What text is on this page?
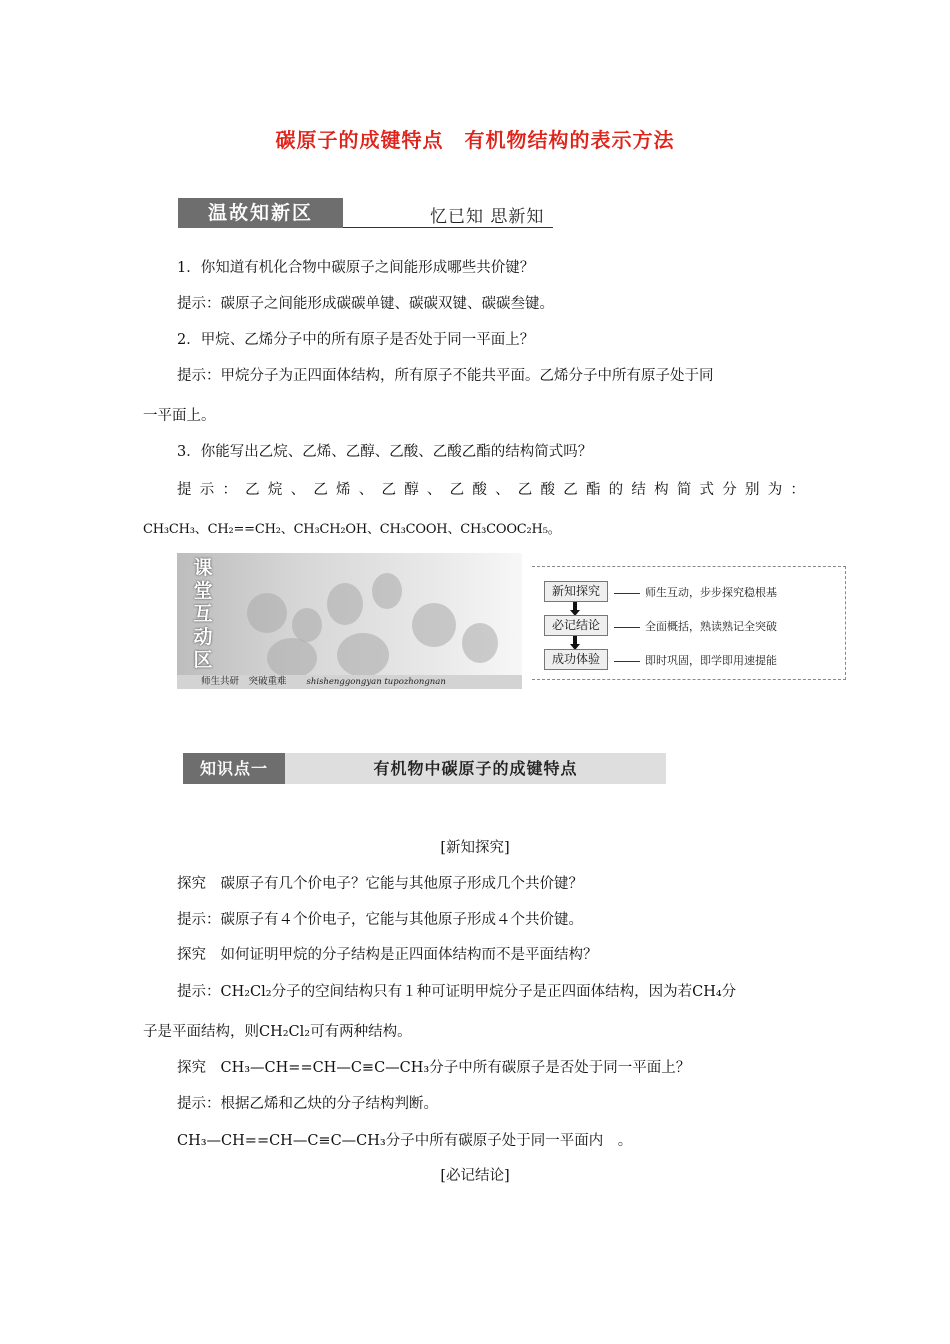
碳原子的成键特点　有机物结构的表示方法
温故知新区	忆已知 思新知
1．你知道有机化合物中碳原子之间能形成哪些共价键？
提示：碳原子之间能形成碳碳单键、碳碳双键、碳碳叁键。
2．甲烷、乙烯分子中的所有原子是否处于同一平面上？
提示：甲烷分子为正四面体结构，所有原子不能共平面。乙烯分子中所有原子处于同
一平面上。
3．你能写出乙烷、乙烯、乙醇、乙酸、乙酸乙酯的结构简式吗？
提 示 ： 乙 烷 、 乙 烯 、 乙 醇 、 乙 酸 、 乙 酸 乙 酯 的 结 构 简 式 分 别 为 ：
CH₃CH₃、CH₂==CH₂、CH₃CH₂OH、CH₃COOH、CH₃COOC₂H₅。
课
堂
互
动
区
师生共研　突破重难 shishenggongyan tupozhongnan
新知探究
必记结论
成功体验
师生互动，步步探究稳根基
全面概括，熟读熟记全突破
即时巩固，即学即用速提能
知识点一	有机物中碳原子的成键特点
[新知探究]
探究　碳原子有几个价电子？它能与其他原子形成几个共价键？
提示：碳原子有４个价电子，它能与其他原子形成４个共价键。
探究　如何证明甲烷的分子结构是正四面体结构而不是平面结构？
提示：CH₂Cl₂分子的空间结构只有１种可证明甲烷分子是正四面体结构，因为若CH₄分
子是平面结构，则CH₂Cl₂可有两种结构。
探究　CH₃—CH==CH—C≡C—CH₃分子中所有碳原子是否处于同一平面上？
提示：根据乙烯和乙炔的分子结构判断。
CH₃—CH==CH—C≡C—CH₃分子中所有碳原子处于同一平面内　。
[必记结论]
